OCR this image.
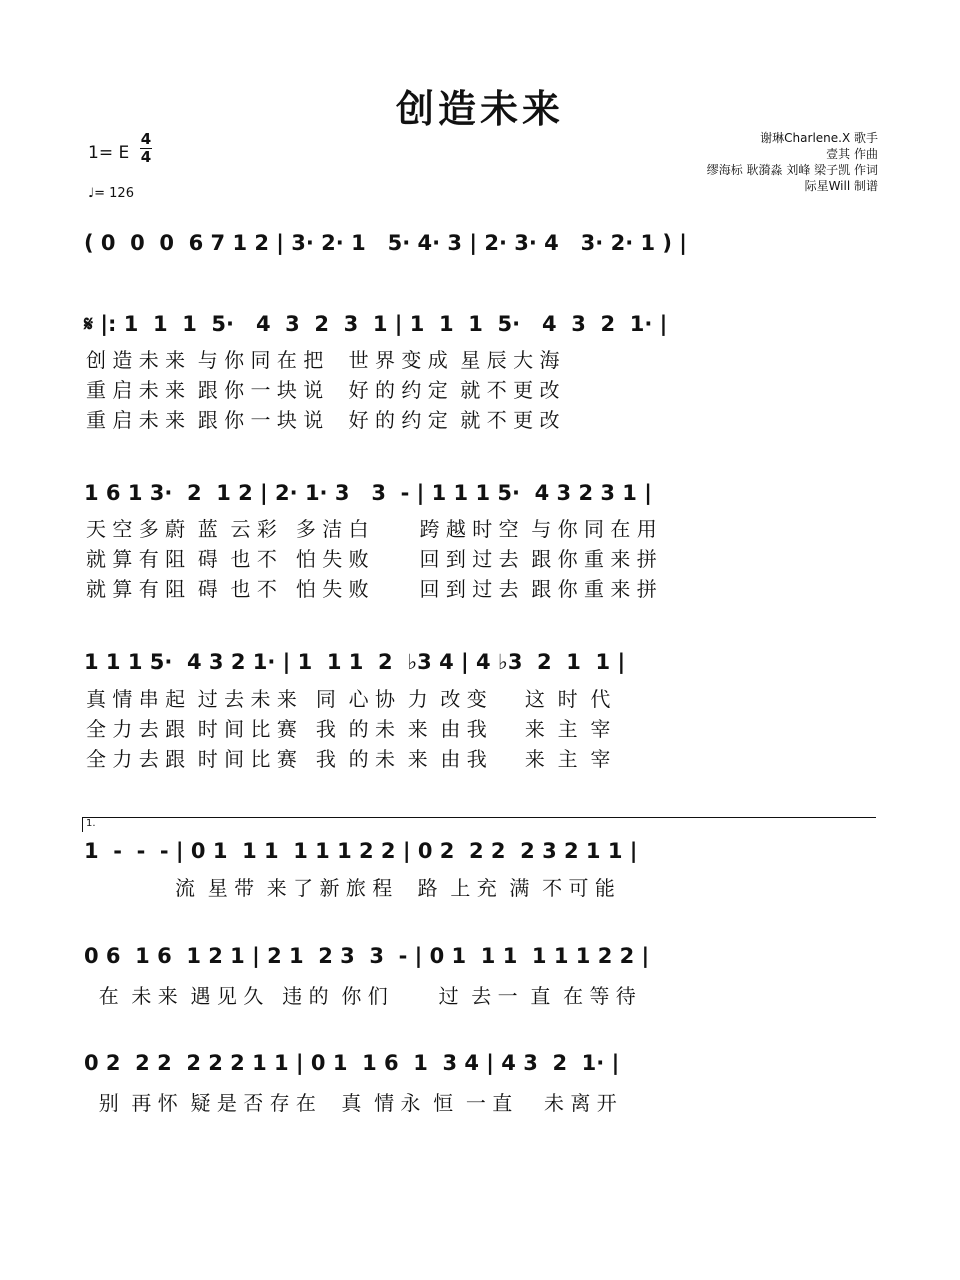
创造未来
1= E
4
4
♩= 126
谢琳Charlene.X 歌手
壹其 作曲
缪海标 耿漪淼 刘峰 梁子凯 作词
际星Will 制谱
( 0  0  0  6 7 1 2 | 3· 2· 1   5· 4· 3 | 2· 3· 4   3· 2· 1 ) |
𝄋 |: 1  1  1  5·   4  3  2  3  1 | 1  1  1  5·   4  3  2  1· |
创 造 未 来  与 你 同 在 把    世 界 变 成  星 辰 大 海
重 启 未 来  跟 你 一 块 说    好 的 约 定  就 不 更 改
重 启 未 来  跟 你 一 块 说    好 的 约 定  就 不 更 改
1 6 1 3·  2  1 2 | 2· 1· 3   3  - | 1 1 1 5·  4 3 2 3 1 |
天 空 多 蔚  蓝  云 彩   多 洁 白        跨 越 时 空  与 你 同 在 用
就 算 有 阻  碍  也 不   怕 失 败        回 到 过 去  跟 你 重 来 拼
就 算 有 阻  碍  也 不   怕 失 败        回 到 过 去  跟 你 重 来 拼
1 1 1 5·  4 3 2 1· | 1  1 1  2  ♭3 4 | 4 ♭3  2  1  1 |
真 情 串 起  过 去 未 来   同  心 协  力  改 变      这  时  代
全 力 去 跟  时 间 比 赛   我  的 未  来  由 我      来  主  宰
全 力 去 跟  时 间 比 赛   我  的 未  来  由 我      来  主  宰
1  -  -  - | 0 1  1 1  1 1 1 2 2 | 0 2  2 2  2 3 2 1 1 |
1.
流  星 带  来 了 新 旅 程    路  上 充  满  不 可 能
0 6  1 6  1 2 1 | 2 1  2 3  3  - | 0 1  1 1  1 1 1 2 2 |
在  未 来  遇 见 久   违 的  你 们        过  去 一  直  在 等 待
0 2  2 2  2 2 2 1 1 | 0 1  1 6  1  3 4 | 4 3  2  1· |
别  再 怀  疑 是 否 存 在    真  情 永  恒  一 直     未 离 开
